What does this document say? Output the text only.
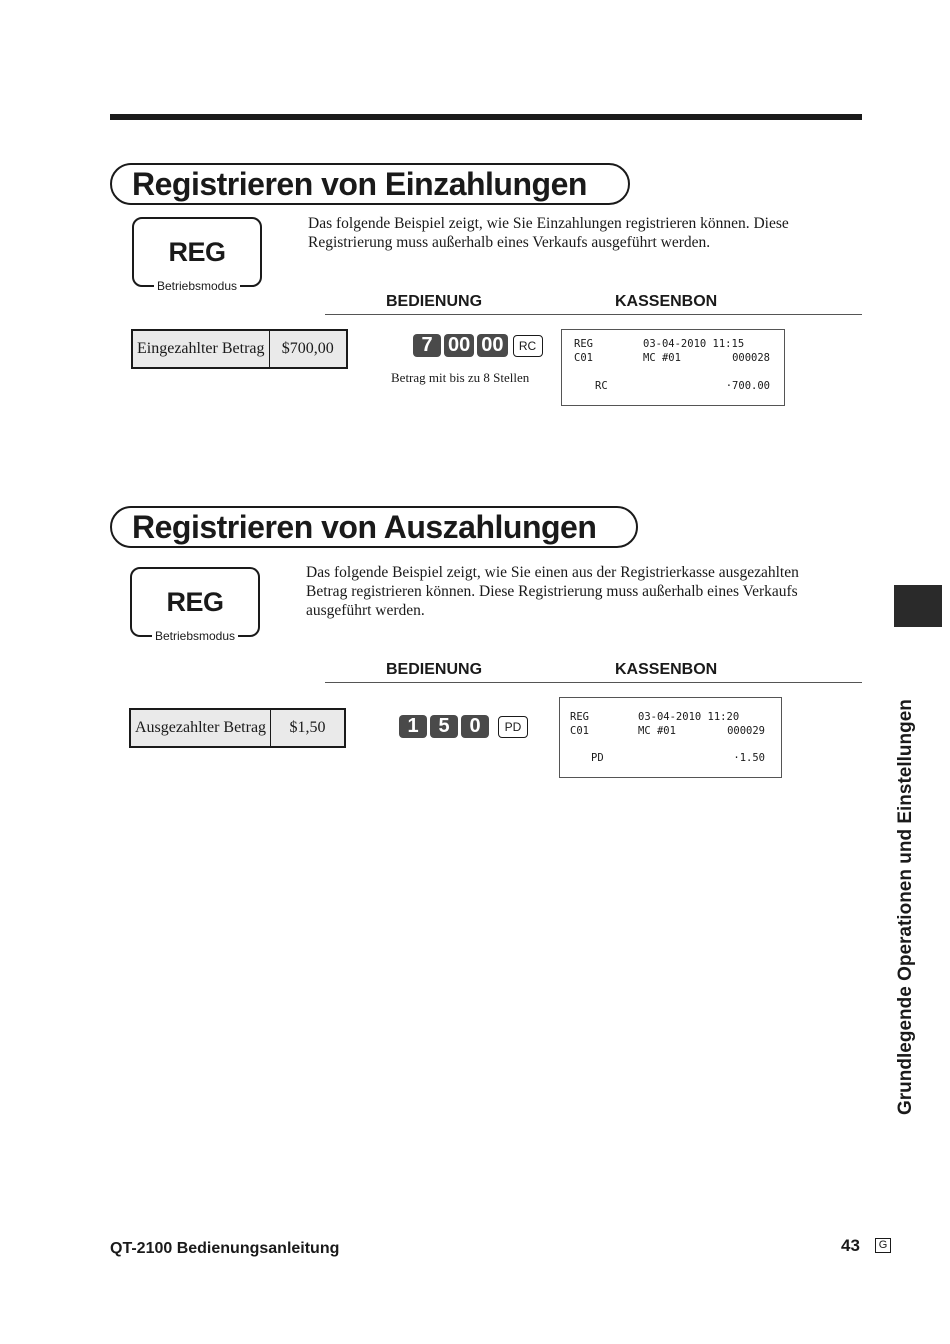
Registrieren von Einzahlungen
REG
Betriebsmodus
Das folgende Beispiel zeigt, wie Sie Einzahlungen registrieren können. Diese Registrierung muss außerhalb eines Verkaufs ausgeführt werden.
BEDIENUNG	KASSENBON
Eingezahlter Betrag	$700,00	7 00 00	RC
Betrag mit bis zu 8 Stellen
REG	03-04-2010 11:15
C01	MC #01	000028
RC	·700.00
Registrieren von Auszahlungen
REG
Betriebsmodus
Das folgende Beispiel zeigt, wie Sie einen aus der Registrierkasse ausgezahlten Betrag registrieren können. Diese Registrierung muss außerhalb eines Verkaufs ausgeführt werden.
BEDIENUNG	KASSENBON
Ausgezahlter Betrag	$1,50	1 5 0	PD
REG	03-04-2010 11:20
C01	MC #01	000029
PD	·1.50	Grundlegende Operationen und Einstellungen
QT-2100 Bedienungsanleitung	43	G
